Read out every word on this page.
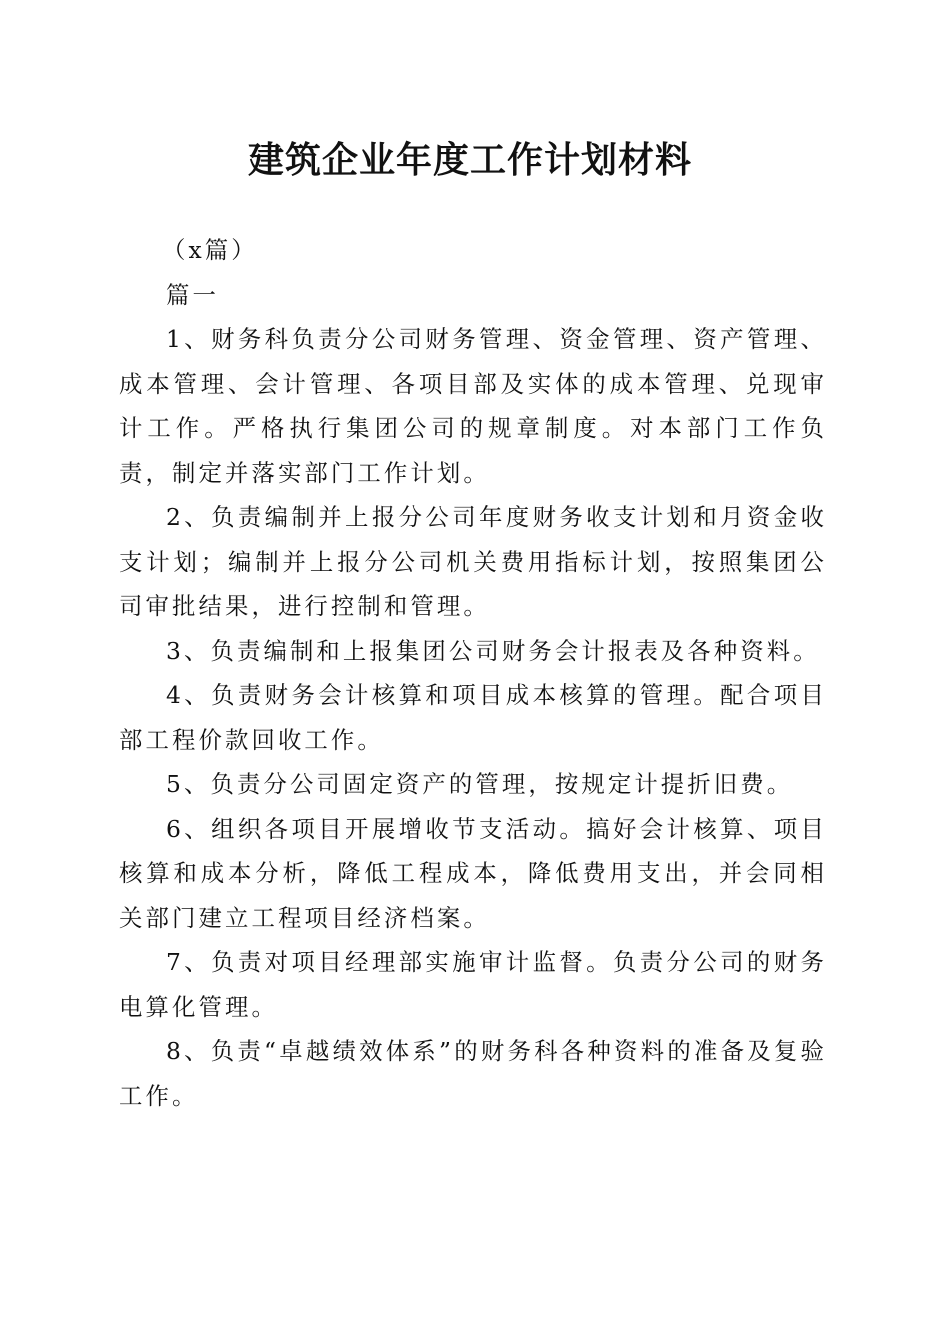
建筑企业年度工作计划材料

（x篇）

篇一

1、财务科负责分公司财务管理、资金管理、资产管理、成本管理、会计管理、各项目部及实体的成本管理、兑现审计工作。严格执行集团公司的规章制度。对本部门工作负责，制定并落实部门工作计划。

2、负责编制并上报分公司年度财务收支计划和月资金收支计划；编制并上报分公司机关费用指标计划，按照集团公司审批结果，进行控制和管理。

3、负责编制和上报集团公司财务会计报表及各种资料。

4、负责财务会计核算和项目成本核算的管理。配合项目部工程价款回收工作。

5、负责分公司固定资产的管理，按规定计提折旧费。

6、组织各项目开展增收节支活动。搞好会计核算、项目核算和成本分析，降低工程成本，降低费用支出，并会同相关部门建立工程项目经济档案。

7、负责对项目经理部实施审计监督。负责分公司的财务电算化管理。

8、负责“卓越绩效体系”的财务科各种资料的准备及复验工作。
